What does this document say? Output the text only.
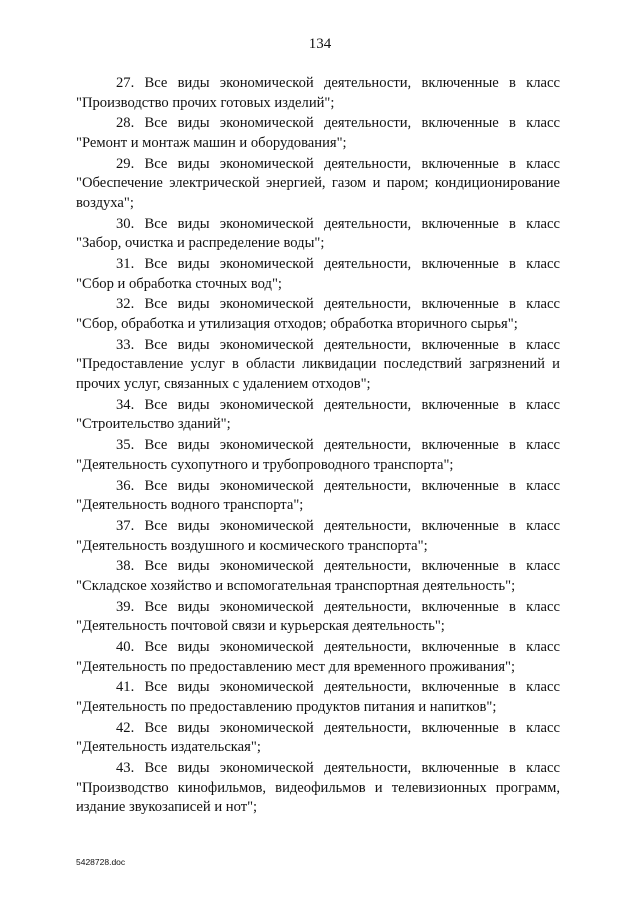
134
27. Все виды экономической деятельности, включенные в класс
"Производство прочих готовых изделий";
28. Все виды экономической деятельности, включенные в класс
"Ремонт и монтаж машин и оборудования";
29. Все виды экономической деятельности, включенные в класс
"Обеспечение электрической энергией, газом и паром; кондиционирование воздуха";
30. Все виды экономической деятельности, включенные в класс
"Забор, очистка и распределение воды";
31. Все виды экономической деятельности, включенные в класс
"Сбор и обработка сточных вод";
32. Все виды экономической деятельности, включенные в класс
"Сбор, обработка и утилизация отходов; обработка вторичного сырья";
33. Все виды экономической деятельности, включенные в класс
"Предоставление услуг в области ликвидации последствий загрязнений и прочих услуг, связанных с удалением отходов";
34. Все виды экономической деятельности, включенные в класс
"Строительство зданий";
35. Все виды экономической деятельности, включенные в класс
"Деятельность сухопутного и трубопроводного транспорта";
36. Все виды экономической деятельности, включенные в класс
"Деятельность водного транспорта";
37. Все виды экономической деятельности, включенные в класс
"Деятельность воздушного и космического транспорта";
38. Все виды экономической деятельности, включенные в класс
"Складское хозяйство и вспомогательная транспортная деятельность";
39. Все виды экономической деятельности, включенные в класс
"Деятельность почтовой связи и курьерская деятельность";
40. Все виды экономической деятельности, включенные в класс
"Деятельность по предоставлению мест для временного проживания";
41. Все виды экономической деятельности, включенные в класс
"Деятельность по предоставлению продуктов питания и напитков";
42. Все виды экономической деятельности, включенные в класс
"Деятельность издательская";
43. Все виды экономической деятельности, включенные в класс
"Производство кинофильмов, видеофильмов и телевизионных программ, издание звукозаписей и нот";
5428728.doc
